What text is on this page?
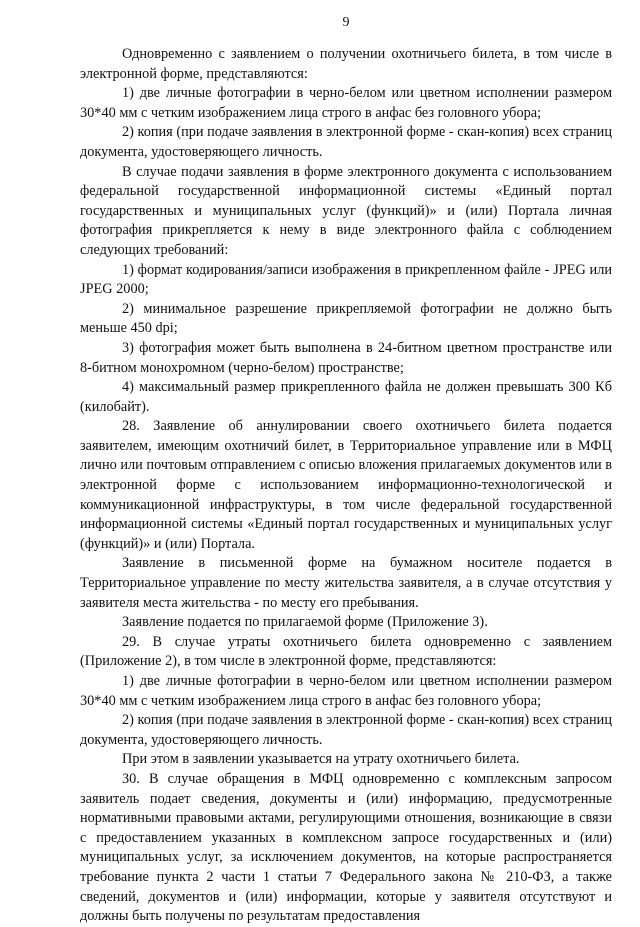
9

Одновременно с заявлением о получении охотничьего билета, в том числе в электронной форме, представляются:

1) две личные фотографии в черно-белом или цветном исполнении размером 30*40 мм с четким изображением лица строго в анфас без головного убора;

2) копия (при подаче заявления в электронной форме - скан-копия) всех страниц документа, удостоверяющего личность.

В случае подачи заявления в форме электронного документа с использованием федеральной государственной информационной системы «Единый портал государственных и муниципальных услуг (функций)» и (или) Портала личная фотография прикрепляется к нему в виде электронного файла с соблюдением следующих требований:

1) формат кодирования/записи изображения в прикрепленном файле - JPEG или JPEG 2000;

2) минимальное разрешение прикрепляемой фотографии не должно быть меньше 450 dpi;

3) фотография может быть выполнена в 24-битном цветном пространстве или 8-битном монохромном (черно-белом) пространстве;

4) максимальный размер прикрепленного файла не должен превышать 300 Кб (килобайт).

28. Заявление об аннулировании своего охотничьего билета подается заявителем, имеющим охотничий билет, в Территориальное управление или в МФЦ лично или почтовым отправлением с описью вложения прилагаемых документов или в электронной форме с использованием информационно-технологической и коммуникационной инфраструктуры, в том числе федеральной государственной информационной системы «Единый портал государственных и муниципальных услуг (функций)» и (или) Портала.

Заявление в письменной форме на бумажном носителе подается в Территориальное управление по месту жительства заявителя, а в случае отсутствия у заявителя места жительства - по месту его пребывания.

Заявление подается по прилагаемой форме (Приложение 3).

29. В случае утраты охотничьего билета одновременно с заявлением (Приложение 2), в том числе в электронной форме, представляются:

1) две личные фотографии в черно-белом или цветном исполнении размером 30*40 мм с четким изображением лица строго в анфас без головного убора;

2) копия (при подаче заявления в электронной форме - скан-копия) всех страниц документа, удостоверяющего личность.

При этом в заявлении указывается на утрату охотничьего билета.

30. В случае обращения в МФЦ одновременно с комплексным запросом заявитель подает сведения, документы и (или) информацию, предусмотренные нормативными правовыми актами, регулирующими отношения, возникающие в связи с предоставлением указанных в комплексном запросе государственных и (или) муниципальных услуг, за исключением документов, на которые распространяется требование пункта 2 части 1 статьи 7 Федерального закона № 210-ФЗ, а также сведений, документов и (или) информации, которые у заявителя отсутствуют и должны быть получены по результатам предоставления
